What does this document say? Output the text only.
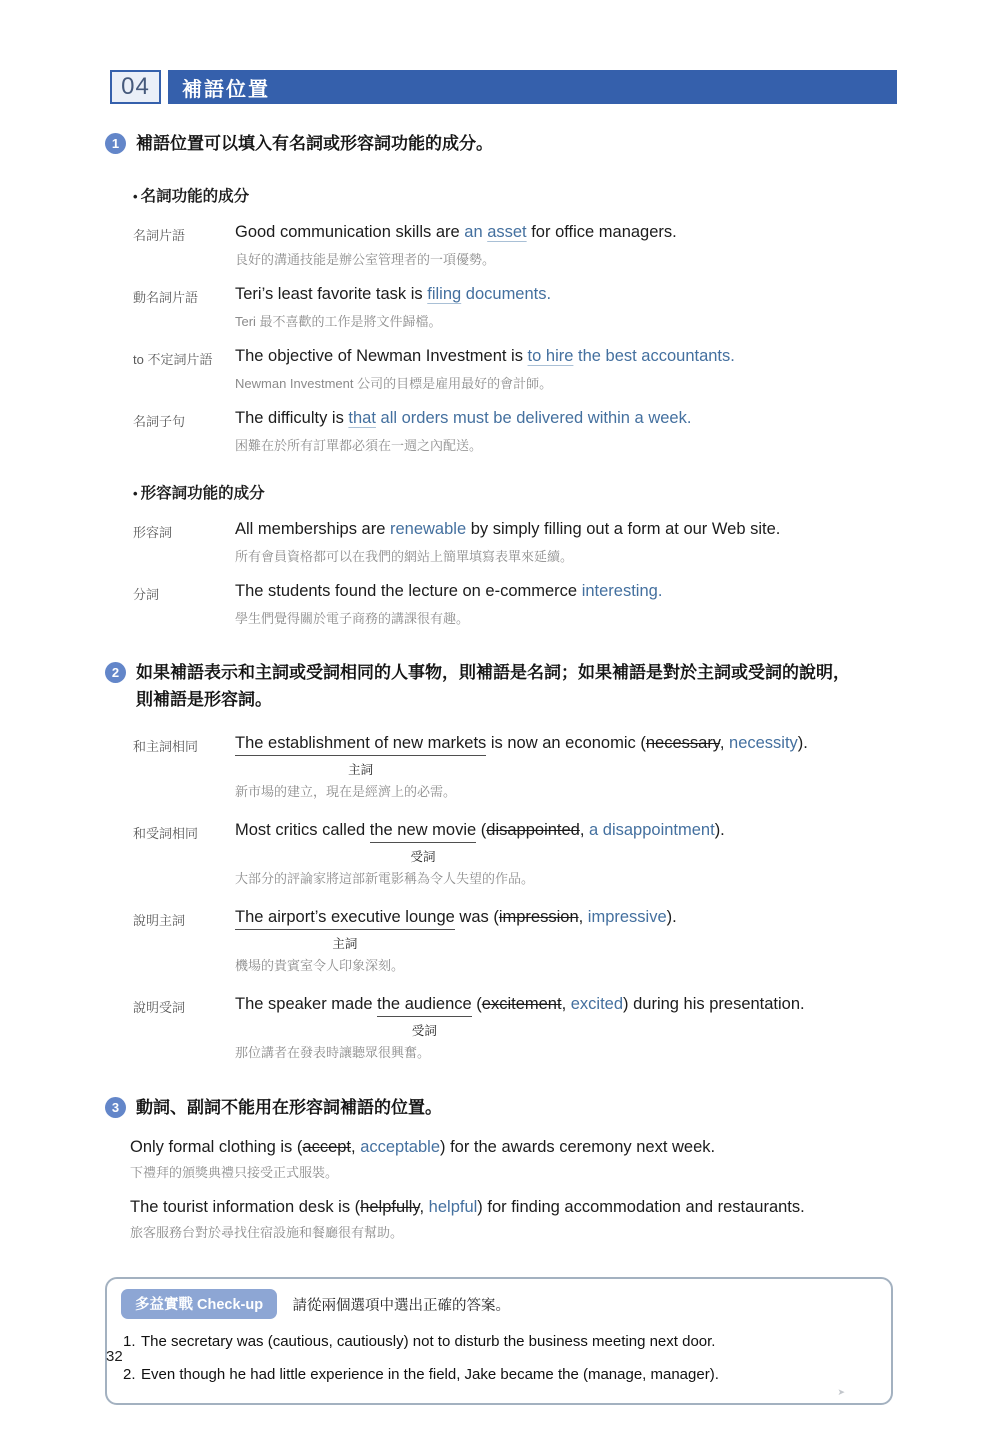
04	補語位置
1 補語位置可以填入有名詞或形容詞功能的成分。
• 名詞功能的成分
名詞片語	Good communication skills are an asset for office managers.
良好的溝通技能是辦公室管理者的一項優勢。
動名詞片語	Teri’s least favorite task is filing documents.
Teri 最不喜歡的工作是將文件歸檔。
to 不定詞片語	The objective of Newman Investment is to hire the best accountants.
Newman Investment 公司的目標是雇用最好的會計師。
名詞子句	The difficulty is that all orders must be delivered within a week.
困難在於所有訂單都必須在一週之內配送。
• 形容詞功能的成分
形容詞	All memberships are renewable by simply filling out a form at our Web site.
所有會員資格都可以在我們的網站上簡單填寫表單來延續。
分詞	The students found the lecture on e-commerce interesting.
學生們覺得關於電子商務的講課很有趣。
2 如果補語表示和主詞或受詞相同的人事物，則補語是名詞；如果補語是對於主詞或受詞的說明，
則補語是形容詞。
和主詞相同	The establishment of new markets
主詞
is now an economic (necessary, necessity).
新市場的建立，現在是經濟上的必需。
和受詞相同	Most critics called the new movie
受詞
(disappointed, a disappointment).
大部分的評論家將這部新電影稱為令人失望的作品。
說明主詞	The airport’s executive lounge
主詞
was (impression, impressive).
機場的貴賓室令人印象深刻。
說明受詞	The speaker made the audience
受詞
(excitement, excited) during his presentation.
那位講者在發表時讓聽眾很興奮。
3 動詞、副詞不能用在形容詞補語的位置。
Only formal clothing is (accept, acceptable) for the awards ceremony next week.
下禮拜的頒獎典禮只接受正式服裝。
The tourist information desk is (helpfully, helpful) for finding accommodation and restaurants.
旅客服務台對於尋找住宿設施和餐廳很有幫助。
多益實戰 Check-up 請從兩個選項中選出正確的答案。
1. The secretary was (cautious, cautiously) not to disturb the business meeting next door.
2. Even though he had little experience in the field, Jake became the (manage, manager).
➤
32
